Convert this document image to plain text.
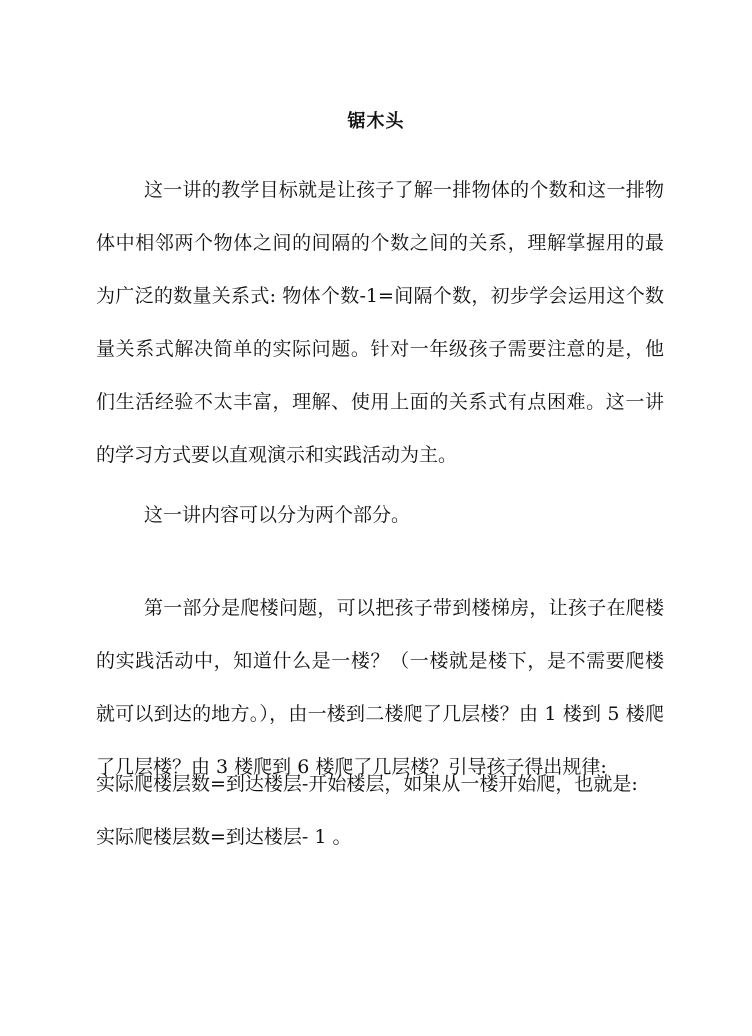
锯木头

这一讲的教学目标就是让孩子了解一排物体的个数和这一排物体中相邻两个物体之间的间隔的个数之间的关系，理解掌握用的最为广泛的数量关系式: 物体个数-1=间隔个数，初步学会运用这个数量关系式解决简单的实际问题。针对一年级孩子需要注意的是，他们生活经验不太丰富，理解、使用上面的关系式有点困难。这一讲的学习方式要以直观演示和实践活动为主。

这一讲内容可以分为两个部分。

第一部分是爬楼问题，可以把孩子带到楼梯房，让孩子在爬楼的实践活动中，知道什么是一楼？（一楼就是楼下，是不需要爬楼就可以到达的地方。），由一楼到二楼爬了几层楼？由 1 楼到 5 楼爬了几层楼？由 3 楼爬到 6 楼爬了几层楼？引导孩子得出规律:

实际爬楼层数=到达楼层-开始楼层，如果从一楼开始爬，也就是:

实际爬楼层数=到达楼层- 1 。
